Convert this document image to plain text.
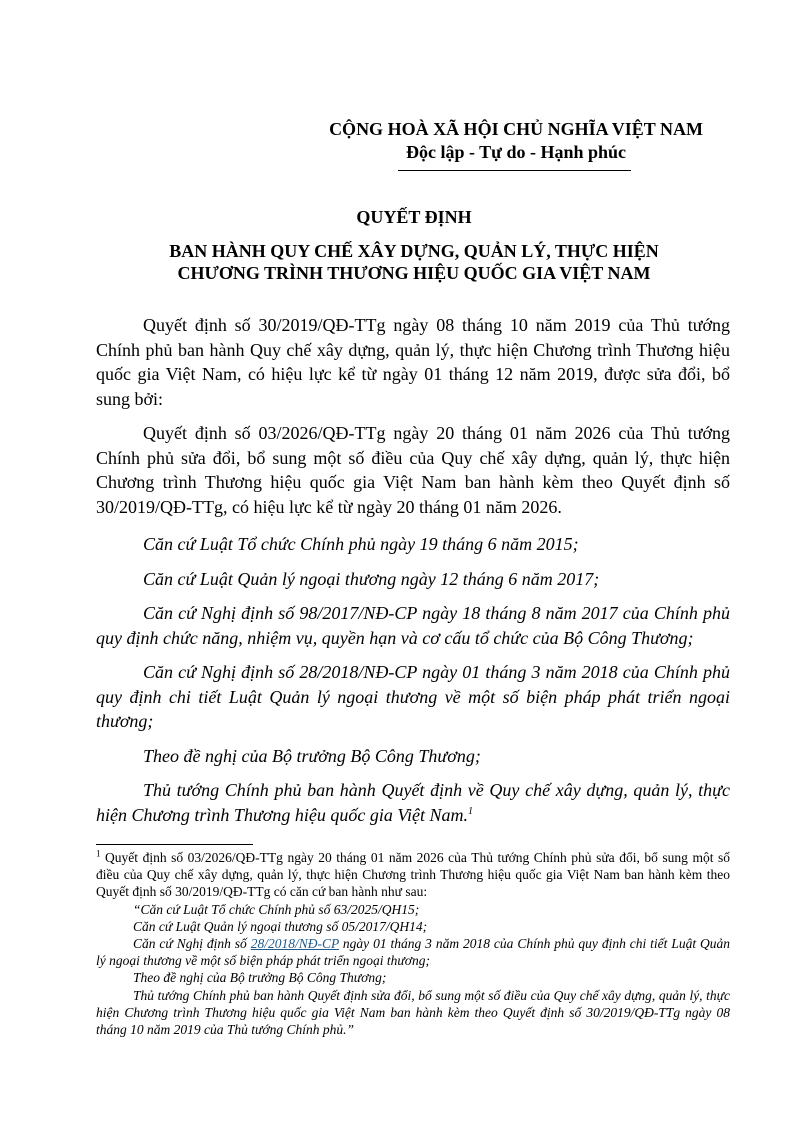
CỘNG HOÀ XÃ HỘI CHỦ NGHĨA VIỆT NAM
Độc lập - Tự do - Hạnh phúc
QUYẾT ĐỊNH
BAN HÀNH QUY CHẾ XÂY DỰNG, QUẢN LÝ, THỰC HIỆN
CHƯƠNG TRÌNH THƯƠNG HIỆU QUỐC GIA VIỆT NAM

Quyết định số 30/2019/QĐ-TTg ngày 08 tháng 10 năm 2019 của Thủ tướng Chính phủ ban hành Quy chế xây dựng, quản lý, thực hiện Chương trình Thương hiệu quốc gia Việt Nam, có hiệu lực kể từ ngày 01 tháng 12 năm 2019, được sửa đổi, bổ sung bởi:

Quyết định số 03/2026/QĐ-TTg ngày 20 tháng 01 năm 2026 của Thủ tướng Chính phủ sửa đổi, bổ sung một số điều của Quy chế xây dựng, quản lý, thực hiện Chương trình Thương hiệu quốc gia Việt Nam ban hành kèm theo Quyết định số 30/2019/QĐ-TTg, có hiệu lực kể từ ngày 20 tháng 01 năm 2026.

Căn cứ Luật Tổ chức Chính phủ ngày 19 tháng 6 năm 2015;

Căn cứ Luật Quản lý ngoại thương ngày 12 tháng 6 năm 2017;

Căn cứ Nghị định số 98/2017/NĐ-CP ngày 18 tháng 8 năm 2017 của Chính phủ quy định chức năng, nhiệm vụ, quyền hạn và cơ cấu tổ chức của Bộ Công Thương;

Căn cứ Nghị định số 28/2018/NĐ-CP ngày 01 tháng 3 năm 2018 của Chính phủ quy định chi tiết Luật Quản lý ngoại thương về một số biện pháp phát triển ngoại thương;

Theo đề nghị của Bộ trưởng Bộ Công Thương;

Thủ tướng Chính phủ ban hành Quyết định về Quy chế xây dựng, quản lý, thực hiện Chương trình Thương hiệu quốc gia Việt Nam.$^1$

$^1$ Quyết định số 03/2026/QĐ-TTg ngày 20 tháng 01 năm 2026 của Thủ tướng Chính phủ sửa đổi, bổ sung một số điều của Quy chế xây dựng, quản lý, thực hiện Chương trình Thương hiệu quốc gia Việt Nam ban hành kèm theo Quyết định số 30/2019/QĐ-TTg có căn cứ ban hành như sau:

“Căn cứ Luật Tổ chức Chính phủ số 63/2025/QH15;

Căn cứ Luật Quản lý ngoại thương số 05/2017/QH14;

Căn cứ Nghị định số 28/2018/NĐ-CP ngày 01 tháng 3 năm 2018 của Chính phủ quy định chi tiết Luật Quản lý ngoại thương về một số biện pháp phát triển ngoại thương;

Theo đề nghị của Bộ trưởng Bộ Công Thương;

Thủ tướng Chính phủ ban hành Quyết định sửa đổi, bổ sung một số điều của Quy chế xây dựng, quản lý, thực hiện Chương trình Thương hiệu quốc gia Việt Nam ban hành kèm theo Quyết định số 30/2019/QĐ-TTg ngày 08 tháng 10 năm 2019 của Thủ tướng Chính phủ.”
